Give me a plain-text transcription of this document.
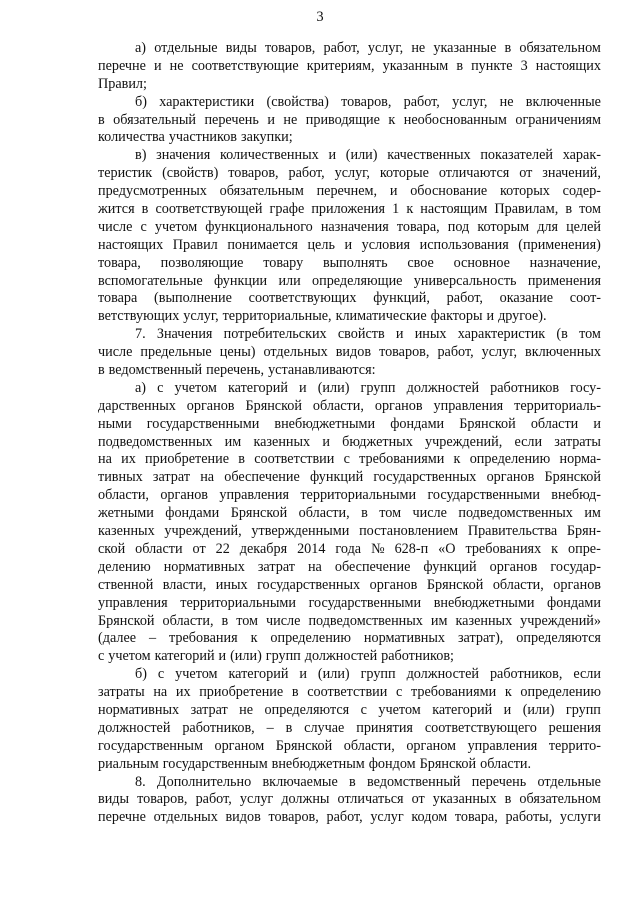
3
а) отдельные виды товаров, работ, услуг, не указанные в обязательном
перечне и не соответствующие критериям, указанным в пункте 3 настоящих
Правил;
б) характеристики (свойства) товаров, работ, услуг, не включенные
в обязательный перечень и не приводящие к необоснованным ограничениям
количества участников закупки;
в) значения количественных и (или) качественных показателей харак-
теристик (свойств) товаров, работ, услуг, которые отличаются от значений,
предусмотренных обязательным перечнем, и обоснование которых содер-
жится в соответствующей графе приложения 1 к настоящим Правилам, в том
числе с учетом функционального назначения товара, под которым для целей
настоящих Правил понимается цель и условия использования (применения)
товара, позволяющие товару выполнять свое основное назначение,
вспомогательные функции или определяющие универсальность применения
товара (выполнение соответствующих функций, работ, оказание соот-
ветствующих услуг, территориальные, климатические факторы и другое).
7. Значения потребительских свойств и иных характеристик (в том
числе предельные цены) отдельных видов товаров, работ, услуг, включенных
в ведомственный перечень, устанавливаются:
а) с учетом категорий и (или) групп должностей работников госу-
дарственных органов Брянской области, органов управления территориаль-
ными государственными внебюджетными фондами Брянской области и
подведомственных им казенных и бюджетных учреждений, если затраты
на их приобретение в соответствии с требованиями к определению норма-
тивных затрат на обеспечение функций государственных органов Брянской
области, органов управления территориальными государственными внебюд-
жетными фондами Брянской области, в том числе подведомственных им
казенных учреждений, утвержденными постановлением Правительства Брян-
ской области от 22 декабря 2014 года № 628-п «О требованиях к опре-
делению нормативных затрат на обеспечение функций органов государ-
ственной власти, иных государственных органов Брянской области, органов
управления территориальными государственными внебюджетными фондами
Брянской области, в том числе подведомственных им казенных учреждений»
(далее – требования к определению нормативных затрат), определяются
с учетом категорий и (или) групп должностей работников;
б) с учетом категорий и (или) групп должностей работников, если
затраты на их приобретение в соответствии с требованиями к определению
нормативных затрат не определяются с учетом категорий и (или) групп
должностей работников, – в случае принятия соответствующего решения
государственным органом Брянской области, органом управления террито-
риальным государственным внебюджетным фондом Брянской области.
8. Дополнительно включаемые в ведомственный перечень отдельные
виды товаров, работ, услуг должны отличаться от указанных в обязательном
перечне отдельных видов товаров, работ, услуг кодом товара, работы, услуги
